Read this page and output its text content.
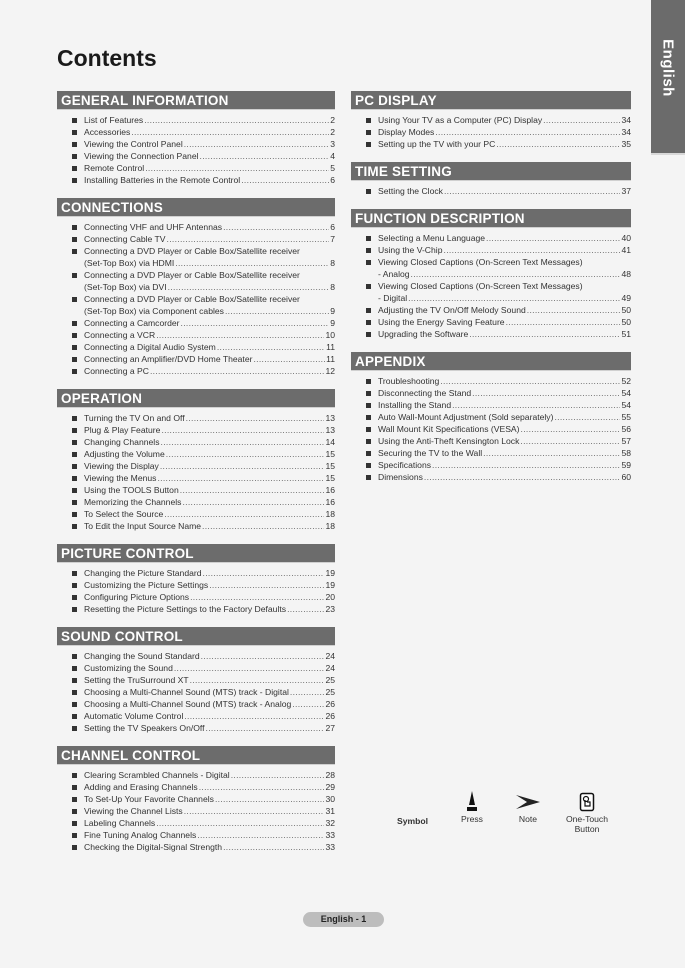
English
Contents
GENERAL INFORMATION
List of Features .....	2
Accessories .....	2
Viewing the Control Panel .....	3
Viewing the Connection Panel .....	4
Remote Control .....	5
Installing Batteries in the Remote Control .....	6
CONNECTIONS
Connecting VHF and UHF Antennas .....	6
Connecting Cable TV .....	7
Connecting a DVD Player or Cable Box/Satellite receiver
(Set-Top Box) via HDMI .....	8
Connecting a DVD Player or Cable Box/Satellite receiver
(Set-Top Box) via DVI .....	8
Connecting a DVD Player or Cable Box/Satellite receiver
(Set-Top Box) via Component cables .....	9
Connecting a Camcorder .....	9
Connecting a VCR .....	10
Connecting a Digital Audio System .....	11
Connecting an Amplifier/DVD Home Theater .....	11
Connecting a PC .....	12
OPERATION
Turning the TV On and Off .....	13
Plug & Play Feature .....	13
Changing Channels .....	14
Adjusting the Volume .....	15
Viewing the Display .....	15
Viewing the Menus .....	15
Using the TOOLS Button .....	16
Memorizing the Channels .....	16
To Select the Source .....	18
To Edit the Input Source Name .....	18
PICTURE CONTROL
Changing the Picture Standard .....	19
Customizing the Picture Settings .....	19
Configuring Picture Options .....	20
Resetting the Picture Settings to the Factory Defaults .....	23
SOUND CONTROL
Changing the Sound Standard .....	24
Customizing the Sound .....	24
Setting the TruSurround XT .....	25
Choosing a Multi-Channel Sound (MTS) track - Digital .....	25
Choosing a Multi-Channel Sound (MTS) track - Analog .....	26
Automatic Volume Control .....	26
Setting the TV Speakers On/Off .....	27
CHANNEL CONTROL
Clearing Scrambled Channels - Digital .....	28
Adding and Erasing Channels .....	29
To Set-Up Your Favorite Channels .....	30
Viewing the Channel Lists .....	31
Labeling Channels .....	32
Fine Tuning Analog Channels .....	33
Checking the Digital-Signal Strength .....	33
PC DISPLAY
Using Your TV as a Computer (PC) Display .....	34
Display Modes .....	34
Setting up the TV with your PC .....	35
TIME SETTING
Setting the Clock .....	37
FUNCTION DESCRIPTION
Selecting a Menu Language .....	40
Using the V-Chip .....	41
Viewing Closed Captions (On-Screen Text Messages)
- Analog .....	48
Viewing Closed Captions (On-Screen Text Messages)
- Digital .....	49
Adjusting the TV On/Off Melody Sound .....	50
Using the Energy Saving Feature .....	50
Upgrading the Software .....	51
APPENDIX
Troubleshooting .....	52
Disconnecting the Stand .....	54
Installing the Stand .....	54
Auto Wall-Mount Adjustment (Sold separately) .....	55
Wall Mount Kit Specifications (VESA) .....	56
Using the Anti-Theft Kensington Lock .....	57
Securing the TV to the Wall .....	58
Specifications .....	59
Dimensions .....	60
Symbol	Press	Note	One-Touch
Button
English - 1
